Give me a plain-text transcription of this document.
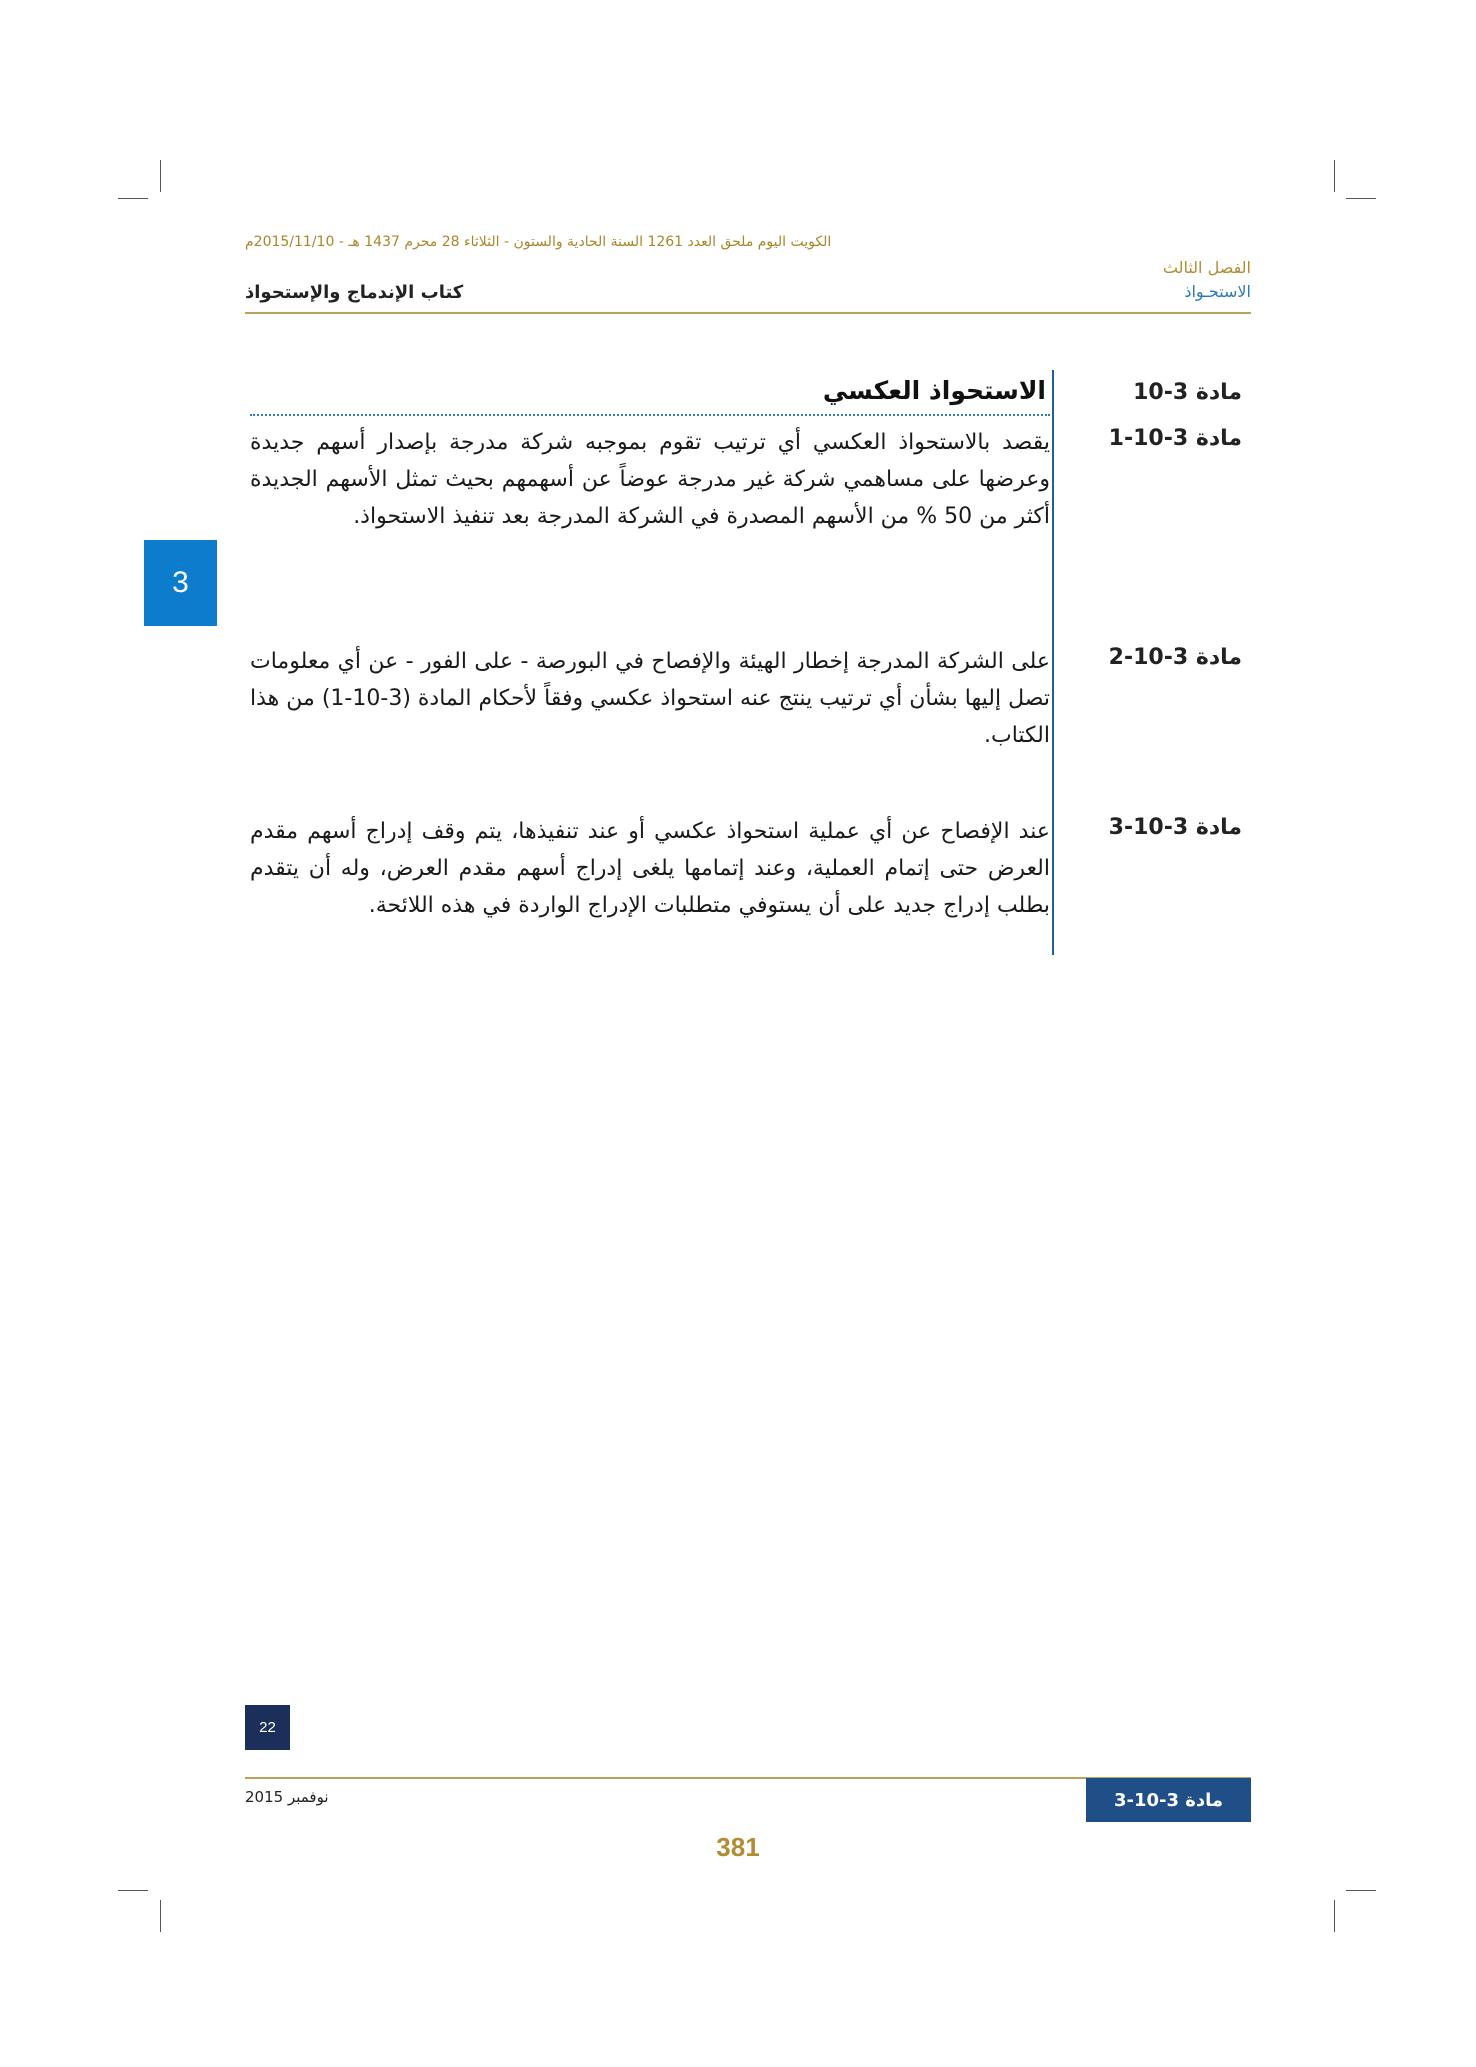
الكويت اليوم ملحق العدد 1261 السنة الحادية والستون - الثلاثاء 28 محرم 1437 هـ - 2015/11/10م
الفصل الثالث
الاستحـواذ
كتاب الإندماج والإستحواذ
3
مادة 3-10
الاستحواذ العكسي
مادة 3-10-1
يقصد بالاستحواذ العكسي أي ترتيب تقوم بموجبه شركة مدرجة بإصدار أسهم جديدة وعرضها على مساهمي شركة غير مدرجة عوضاً عن أسهمهم بحيث تمثل الأسهم الجديدة أكثر من 50 % من الأسهم المصدرة في الشركة المدرجة بعد تنفيذ الاستحواذ.
مادة 3-10-2
على الشركة المدرجة إخطار الهيئة والإفصاح في البورصة - على الفور - عن أي معلومات تصل إليها بشأن أي ترتيب ينتج عنه استحواذ عكسي وفقاً لأحكام المادة (3-10-1) من هذا الكتاب.
مادة 3-10-3
عند الإفصاح عن أي عملية استحواذ عكسي أو عند تنفيذها، يتم وقف إدراج أسهم مقدم العرض حتى إتمام العملية، وعند إتمامها يلغى إدراج أسهم مقدم العرض، وله أن يتقدم بطلب إدراج جديد على أن يستوفي متطلبات الإدراج الواردة في هذه اللائحة.
22
نوفمبر 2015	مادة 3-10-3
381
